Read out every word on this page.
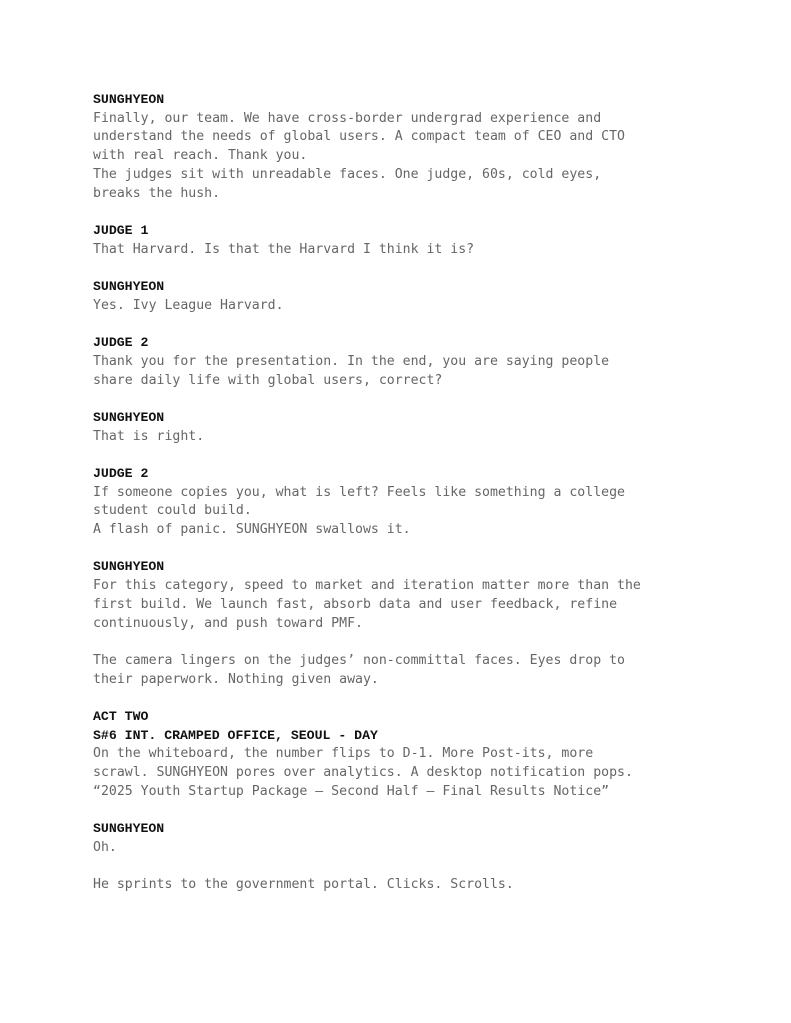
SUNGHYEON
Finally, our team. We have cross-border undergrad experience and
understand the needs of global users. A compact team of CEO and CTO
with real reach. Thank you.
The judges sit with unreadable faces. One judge, 60s, cold eyes,
breaks the hush.
JUDGE 1
That Harvard. Is that the Harvard I think it is?
SUNGHYEON
Yes. Ivy League Harvard.
JUDGE 2
Thank you for the presentation. In the end, you are saying people
share daily life with global users, correct?
SUNGHYEON
That is right.
JUDGE 2
If someone copies you, what is left? Feels like something a college
student could build.
A flash of panic. SUNGHYEON swallows it.
SUNGHYEON
For this category, speed to market and iteration matter more than the
first build. We launch fast, absorb data and user feedback, refine
continuously, and push toward PMF.
The camera lingers on the judges’ non-committal faces. Eyes drop to
their paperwork. Nothing given away.
ACT TWO
S#6 INT. CRAMPED OFFICE, SEOUL - DAY
On the whiteboard, the number flips to D-1. More Post-its, more
scrawl. SUNGHYEON pores over analytics. A desktop notification pops.
“2025 Youth Startup Package — Second Half — Final Results Notice”
SUNGHYEON
Oh.
He sprints to the government portal. Clicks. Scrolls.
